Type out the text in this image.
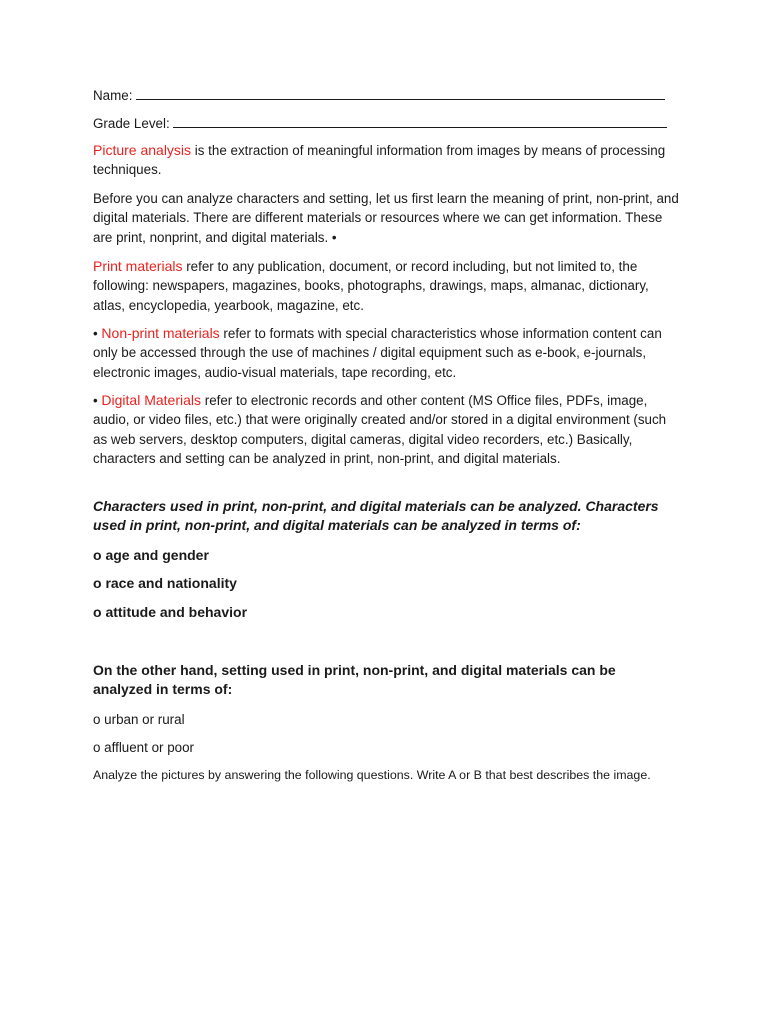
Name:

Grade Level:

Picture analysis is the extraction of meaningful information from images by means of processing techniques.

Before you can analyze characters and setting, let us first learn the meaning of print, non-print, and digital materials. There are different materials or resources where we can get information. These are print, nonprint, and digital materials. •

Print materials refer to any publication, document, or record including, but not limited to, the following: newspapers, magazines, books, photographs, drawings, maps, almanac, dictionary, atlas, encyclopedia, yearbook, magazine, etc.

• Non-print materials refer to formats with special characteristics whose information content can only be accessed through the use of machines / digital equipment such as e-book, e-journals, electronic images, audio-visual materials, tape recording, etc.

• Digital Materials refer to electronic records and other content (MS Office files, PDFs, image, audio, or video files, etc.) that were originally created and/or stored in a digital environment (such as web servers, desktop computers, digital cameras, digital video recorders, etc.) Basically, characters and setting can be analyzed in print, non-print, and digital materials.

Characters used in print, non-print, and digital materials can be analyzed. Characters used in print, non-print, and digital materials can be analyzed in terms of:

o age and gender

o race and nationality

o attitude and behavior

On the other hand, setting used in print, non-print, and digital materials can be analyzed in terms of:

o urban or rural

o affluent or poor

Analyze the pictures by answering the following questions. Write A or B that best describes the image.
